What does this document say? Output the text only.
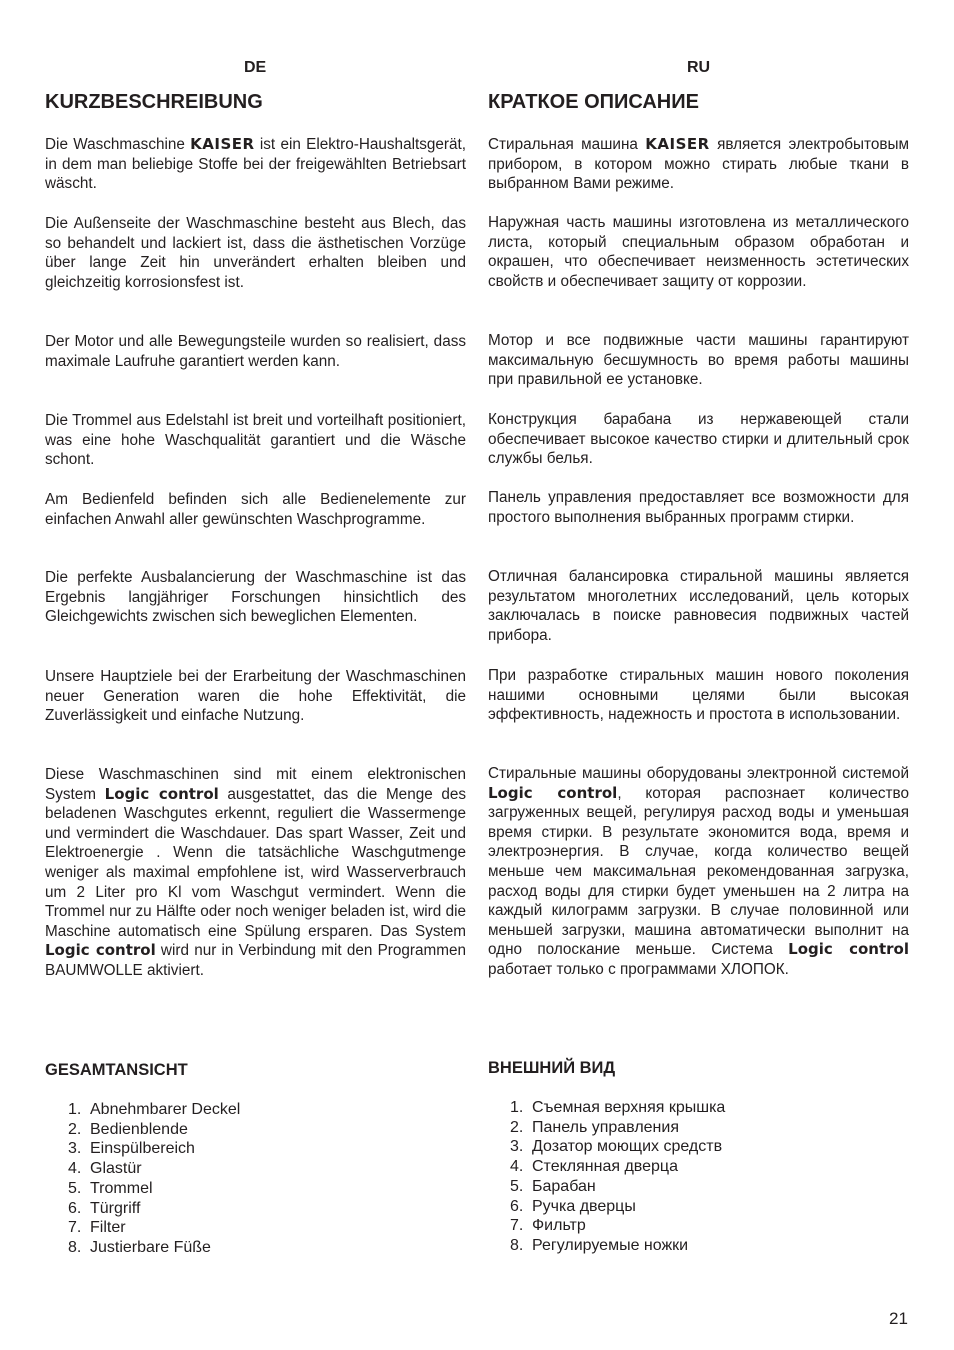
DE
KURZBESCHREIBUNG

Die Waschmaschine KAISER ist ein Elektro-Haushaltsgerät, in dem man beliebige Stoffe bei der freigewählten Betriebsart wäscht.

Die Außenseite der Waschmaschine besteht aus Blech, das so behandelt und lackiert ist, dass die ästhetischen Vorzüge über lange Zeit hin unverändert erhalten bleiben und gleichzeitig korrosionsfest ist.

Der Motor und alle Bewegungsteile wurden so realisiert, dass maximale Laufruhe garantiert werden kann.

Die Trommel aus Edelstahl ist breit und vorteilhaft positioniert, was eine hohe Waschqualität garantiert und die Wäsche schont.

Am Bedienfeld befinden sich alle Bedienelemente zur einfachen Anwahl aller gewünschten Waschprogramme.

Die perfekte Ausbalancierung der Waschmaschine ist das Ergebnis langjähriger Forschungen hinsichtlich des Gleichgewichts zwischen sich beweglichen Elementen.

Unsere Hauptziele bei der Erarbeitung der Waschmaschinen neuer Generation waren die hohe Effektivität, die Zuverlässigkeit und einfache Nutzung.

Diese Waschmaschinen sind mit einem elektronischen System Logic control ausgestattet, das die Menge des beladenen Waschgutes erkennt, reguliert die Wassermenge und vermindert die Waschdauer. Das spart Wasser, Zeit und Elektroenergie . Wenn die tatsächliche Waschgutmenge weniger als maximal empfohlene ist, wird Wasserverbrauch um 2 Liter pro Kl vom Waschgut vermindert. Wenn die Trommel nur zu Hälfte oder noch weniger beladen ist, wird die Maschine automatisch eine Spülung ersparen. Das System Logic control wird nur in Verbindung mit den Programmen BAUMWOLLE aktiviert.

GESAMTANSICHT
1. Abnehmbarer Deckel
2. Bedienblende
3. Einspülbereich
4. Glastür
5. Trommel
6. Türgriff
7. Filter
8. Justierbare Füße
RU
КРАТКОЕ ОПИСАНИЕ

Стиральная машина KAISER является электробытовым прибором, в котором можно стирать любые ткани в выбранном Вами режиме.

Наружная часть машины изготовлена из металлического листа, который специальным образом обработан и окрашен, что обеспечивает неизменность эстетических свойств и обеспечивает защиту от коррозии.

Мотор и все подвижные части машины гарантируют максимальную бесшумность во время работы машины при правильной ее установке.

Конструкция барабана из нержавеющей стали обеспечивает высокое качество стирки и длительный срок службы белья.

Панель управления предоставляет все возможности для простого выполнения выбранных программ стирки.

Отличная балансировка стиральной машины является результатом многолетних исследований, цель которых заключалась в поиске равновесия подвижных частей прибора.

При разработке стиральных машин нового поколения нашими основными целями были высокая эффективность, надежность и простота в использовании.

Стиральные машины оборудованы электронной системой Logic control, которая распознает количество загруженных вещей, регулируя расход воды и уменьшая время стирки. В результате экономится вода, время и электроэнергия. В случае, когда количество вещей меньше чем максимальная рекомендованная загрузка, расход воды для стирки будет уменьшен на 2 литра на каждый килограмм загрузки. В случае половинной или меньшей загрузки, машина автоматически выполнит на одно полоскание меньше. Система Logic control работает только с программами ХЛОПОК.

ВНЕШНИЙ ВИД
1. Съемная верхняя крышка
2. Панель управления
3. Дозатор моющих средств
4. Стеклянная дверца
5. Барабан
6. Ручка дверцы
7. Фильтр
8. Регулируемые ножки
21
